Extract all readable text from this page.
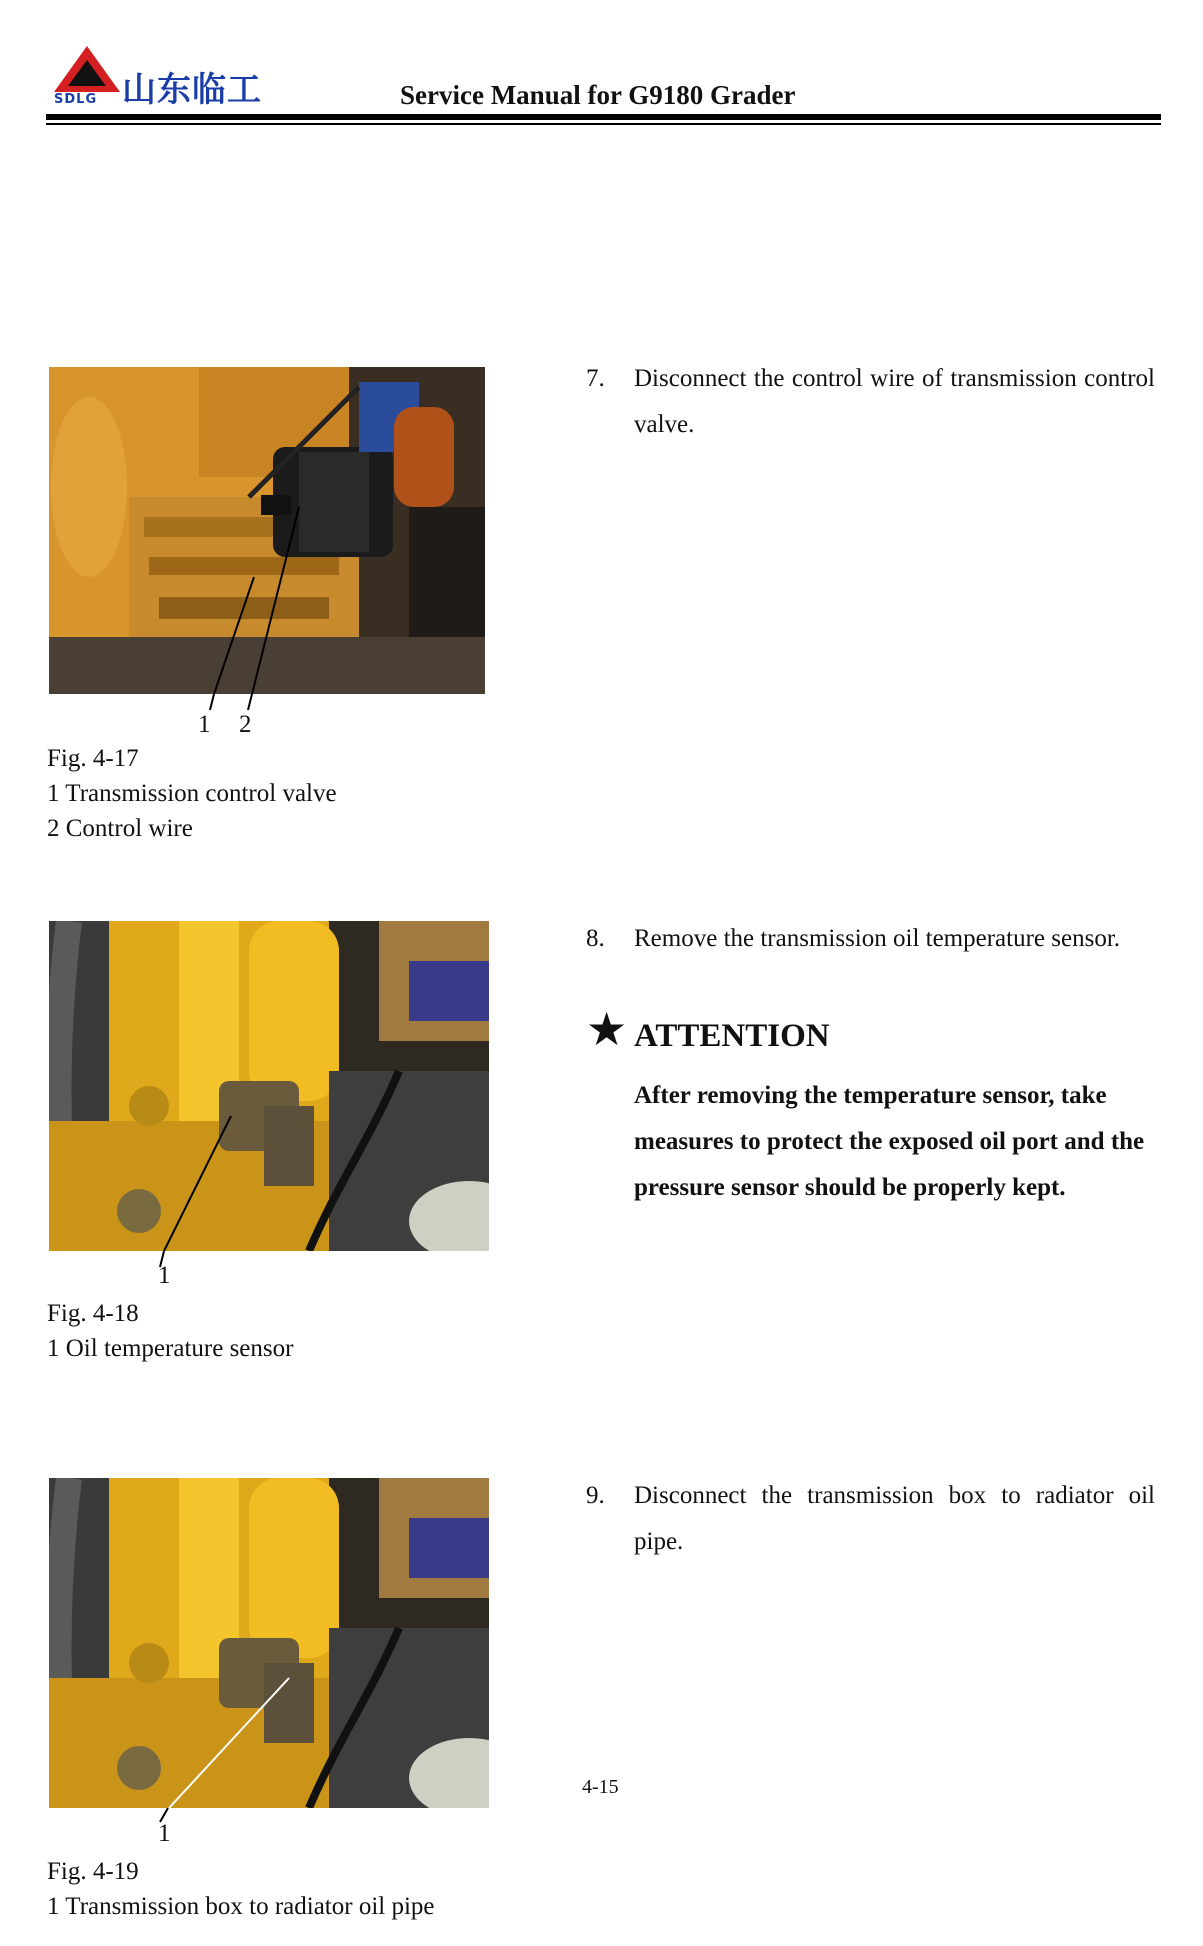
山东临工
SDLG	Service Manual for G9180 Grader
1 2
Fig. 4-17
1 Transmission control valve
2 Control wire
7. Disconnect the control wire of transmission control valve.
1
Fig. 4-18
1 Oil temperature sensor
8. Remove the transmission oil temperature sensor.
★ ATTENTION
After removing the temperature sensor, take measures to protect the exposed oil port and the pressure sensor should be properly kept.
1
Fig. 4-19
1 Transmission box to radiator oil pipe
9. Disconnect the transmission box to radiator oil pipe.
4-15
